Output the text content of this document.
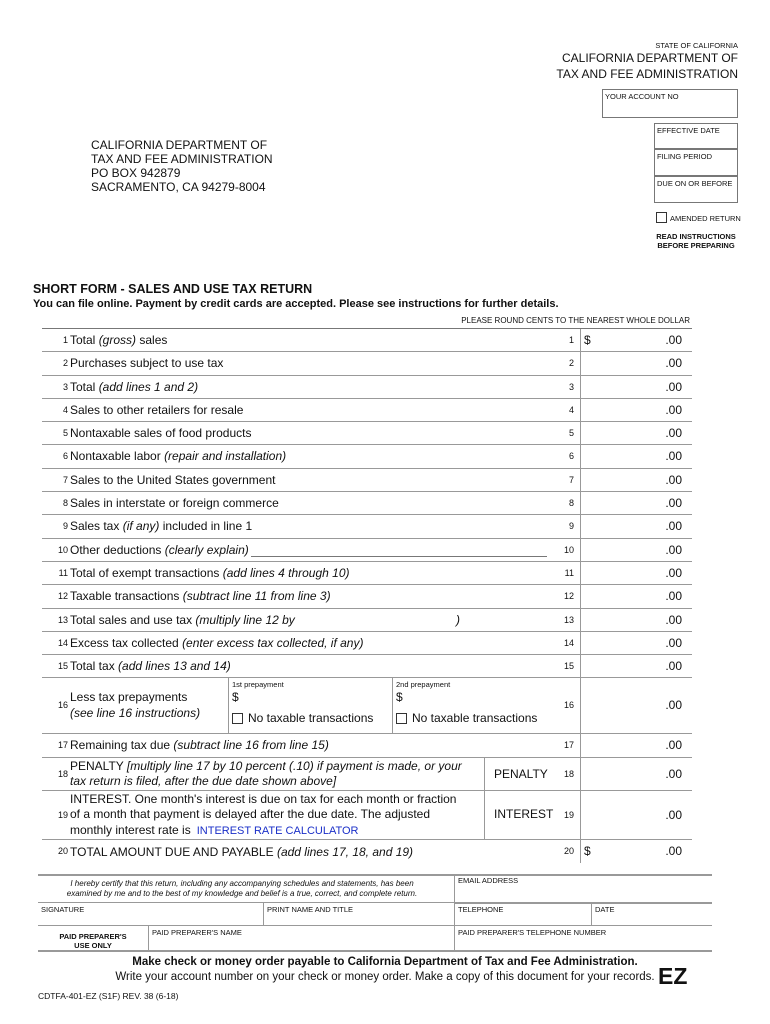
STATE OF CALIFORNIA
CALIFORNIA DEPARTMENT OF
TAX AND FEE ADMINISTRATION
YOUR ACCOUNT NO
EFFECTIVE DATE
FILING PERIOD
DUE ON OR BEFORE
AMENDED RETURN
READ INSTRUCTIONS
BEFORE PREPARING
CALIFORNIA DEPARTMENT OF
TAX AND FEE ADMINISTRATION
PO BOX 942879
SACRAMENTO, CA 94279-8004
SHORT FORM - SALES AND USE TAX RETURN
You can file online. Payment by credit cards are accepted. Please see instructions for further details.
PLEASE ROUND CENTS TO THE NEAREST WHOLE DOLLAR
1 Total (gross) sales	1 $	.00
2 Purchases subject to use tax	2	.00
3 Total (add lines 1 and 2)	3	.00
4 Sales to other retailers for resale	4	.00
5 Nontaxable sales of food products	5	.00
6 Nontaxable labor (repair and installation)	6	.00
7 Sales to the United States government	7	.00
8 Sales in interstate or foreign commerce	8	.00
9 Sales tax (if any) included in line 1	9	.00
10 Other deductions (clearly explain)	10	.00
11 Total of exempt transactions (add lines 4 through 10)	11	.00
12 Taxable transactions (subtract line 11 from line 3)	12	.00
13 Total sales and use tax (multiply line 12 by	)	13	.00
14 Excess tax collected (enter excess tax collected, if any)	14	.00
15 Total tax (add lines 13 and 14)	15	.00
16
Less tax prepayments
(see line 16 instructions)
1st prepayment
$
No taxable transactions
2nd prepayment
$
No taxable transactions
16	.00
17 Remaining tax due (subtract line 16 from line 15)	17	.00
18
PENALTY [multiply line 17 by 10 percent (.10) if payment is made, or your
tax return is filed, after the due date shown above]	PENALTY	18	.00
19
INTEREST. One month's interest is due on tax for each month or fraction
of a month that payment is delayed after the due date. The adjusted
monthly interest rate is INTEREST RATE CALCULATOR
INTEREST	19	.00
20 TOTAL AMOUNT DUE AND PAYABLE (add lines 17, 18, and 19)	20 $	.00
EMAIL ADDRESS
SIGNATURE	PRINT NAME AND TITLE	TELEPHONE	DATE
PAID PREPARER'S
USE ONLY
PAID PREPARER'S NAME	PAID PREPARER'S TELEPHONE NUMBER
I hereby certify that this return, including any accompanying schedules and statements, has been
examined by me and to the best of my knowledge and belief is a true, correct, and complete return.
Make check or money order payable to California Department of Tax and Fee Administration.
Write your account number on your check or money order. Make a copy of this document for your records. EZ
CDTFA-401-EZ (S1F) REV. 38 (6-18)
